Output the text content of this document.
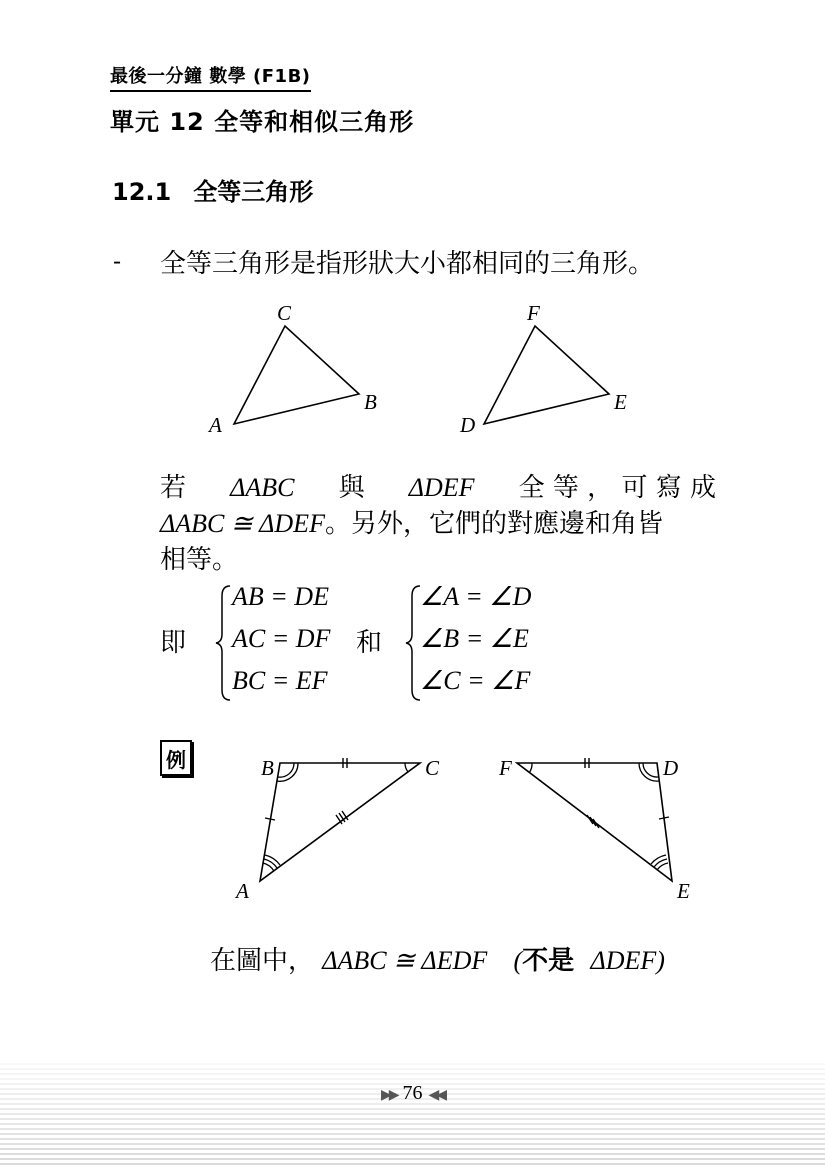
最後一分鐘 數學 (F1B)
單元 12 全等和相似三角形
12.1 全等三角形
- 全等三角形是指形狀大小都相同的三角形。
C
B
A
F
E
D
若 ΔABC 與 ΔDEF 全 等 ， 可 寫 成
ΔABC ≅ ΔDEF。另外，它們的對應邊和角皆
相等。
即
AB = DE
AC = DF
BC = EF
和
∠A = ∠D
∠B = ∠E
∠C = ∠F
例	B	C
A
F	D
E
在圖中， ΔABC ≅ ΔEDF (不是 ΔDEF)
▶▶ 76 ◀◀
